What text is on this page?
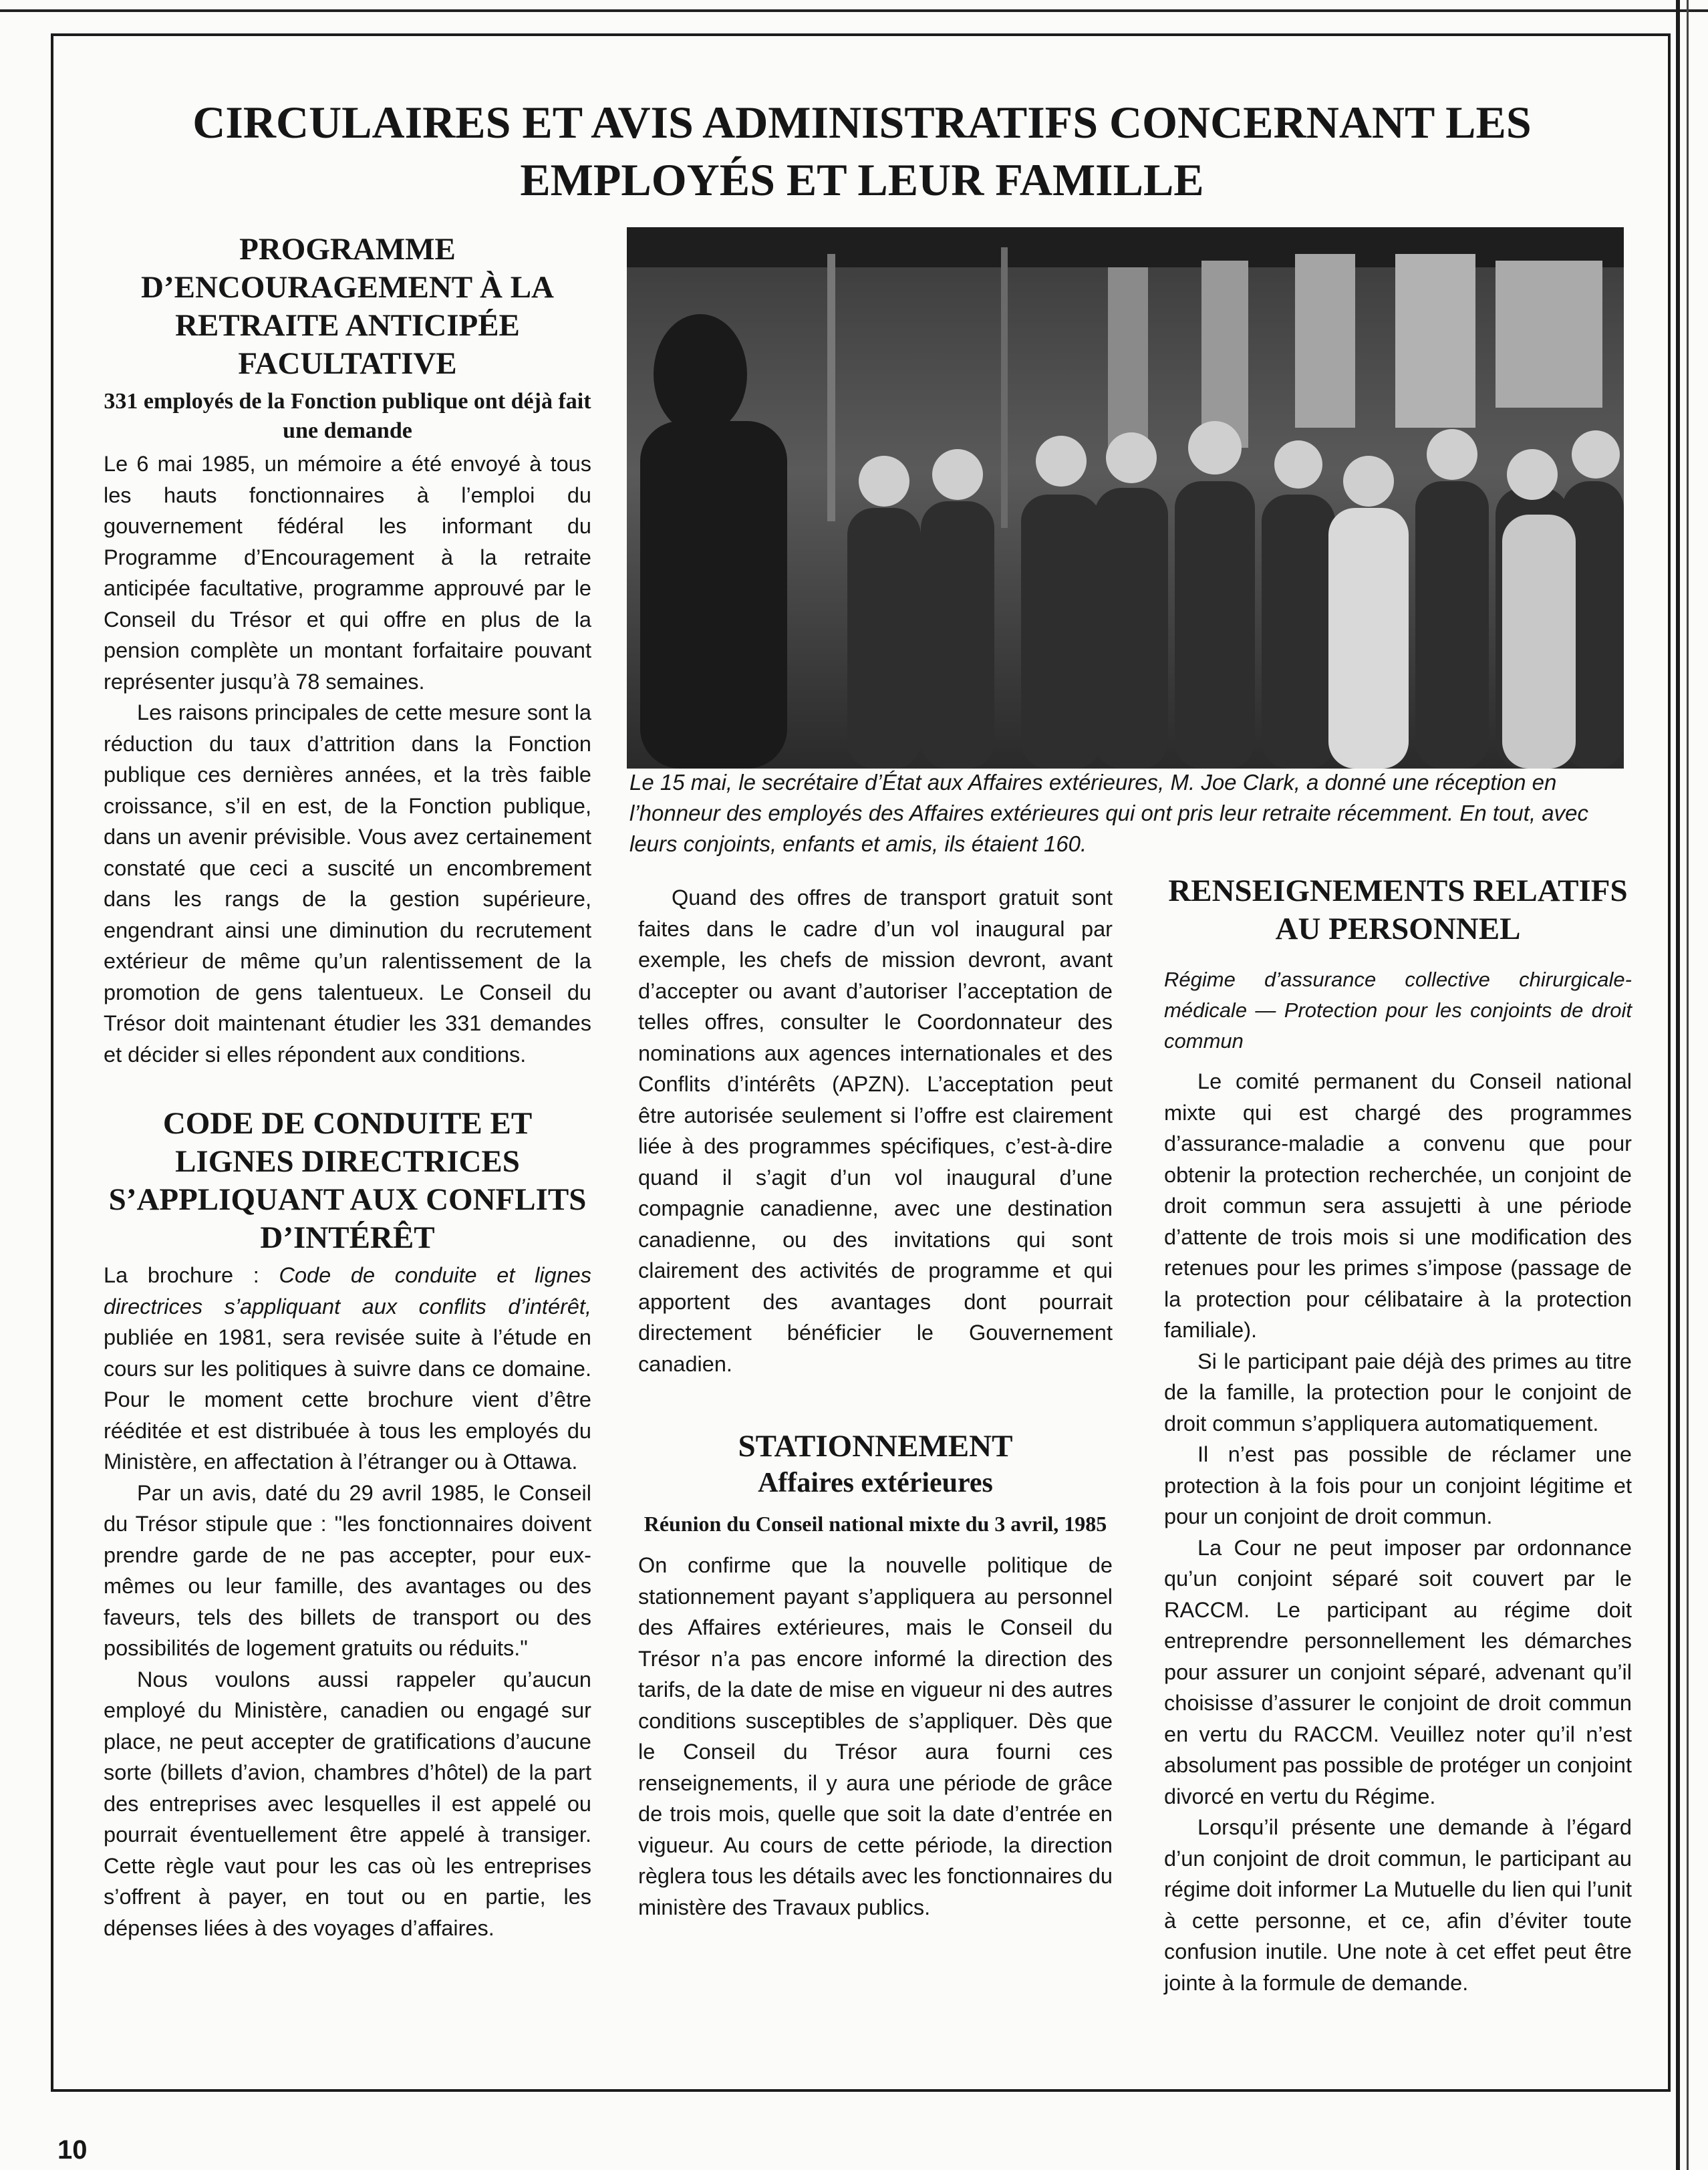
CIRCULAIRES ET AVIS ADMINISTRATIFS CONCERNANT LES EMPLOYÉS ET LEUR FAMILLE
PROGRAMME D’ENCOURAGEMENT À LA RETRAITE ANTICIPÉE FACULTATIVE
331 employés de la Fonction publique ont déjà fait une demande

Le 6 mai 1985, un mémoire a été envoyé à tous les hauts fonctionnaires à l’emploi du gouvernement fédéral les informant du Programme d’Encouragement à la retraite anticipée facultative, programme approuvé par le Conseil du Trésor et qui offre en plus de la pension complète un montant forfaitaire pouvant représenter jusqu’à 78 semaines.

Les raisons principales de cette mesure sont la réduction du taux d’attrition dans la Fonction publique ces dernières années, et la très faible croissance, s’il en est, de la Fonction publique, dans un avenir prévisible. Vous avez certainement constaté que ceci a suscité un encombrement dans les rangs de la gestion supérieure, engendrant ainsi une diminution du recrutement extérieur de même qu’un ralentissement de la promotion de gens talentueux. Le Conseil du Trésor doit maintenant étudier les 331 demandes et décider si elles répondent aux conditions.

CODE DE CONDUITE ET LIGNES DIRECTRICES S’APPLIQUANT AUX CONFLITS D’INTÉRÊT

La brochure : Code de conduite et lignes directrices s’appliquant aux conflits d’intérêt, publiée en 1981, sera revisée suite à l’étude en cours sur les politiques à suivre dans ce domaine. Pour le moment cette brochure vient d’être rééditée et est distribuée à tous les employés du Ministère, en affectation à l’étranger ou à Ottawa.

Par un avis, daté du 29 avril 1985, le Conseil du Trésor stipule que : "les fonctionnaires doivent prendre garde de ne pas accepter, pour eux-mêmes ou leur famille, des avantages ou des faveurs, tels des billets de transport ou des possibilités de logement gratuits ou réduits."

Nous voulons aussi rappeler qu’aucun employé du Ministère, canadien ou engagé sur place, ne peut accepter de gratifications d’aucune sorte (billets d’avion, chambres d’hôtel) de la part des entreprises avec lesquelles il est appelé ou pourrait éventuellement être appelé à transiger. Cette règle vaut pour les cas où les entreprises s’offrent à payer, en tout ou en partie, les dépenses liées à des voyages d’affaires.

Le 15 mai, le secrétaire d’État aux Affaires extérieures, M. Joe Clark, a donné une réception en l’honneur des employés des Affaires extérieures qui ont pris leur retraite récemment. En tout, avec leurs conjoints, enfants et amis, ils étaient 160.

Quand des offres de transport gratuit sont faites dans le cadre d’un vol inaugural par exemple, les chefs de mission devront, avant d’accepter ou avant d’autoriser l’acceptation de telles offres, consulter le Coordonnateur des nominations aux agences internationales et des Conflits d’intérêts (APZN). L’acceptation peut être autorisée seulement si l’offre est clairement liée à des programmes spécifiques, c’est-à-dire quand il s’agit d’un vol inaugural d’une compagnie canadienne, avec une destination canadienne, ou des invitations qui sont clairement des activités de programme et qui apportent des avantages dont pourrait directement bénéficier le Gouvernement canadien.

STATIONNEMENT
Affaires extérieures
Réunion du Conseil national mixte du 3 avril, 1985

On confirme que la nouvelle politique de stationnement payant s’appliquera au personnel des Affaires extérieures, mais le Conseil du Trésor n’a pas encore informé la direction des tarifs, de la date de mise en vigueur ni des autres conditions susceptibles de s’appliquer. Dès que le Conseil du Trésor aura fourni ces renseignements, il y aura une période de grâce de trois mois, quelle que soit la date d’entrée en vigueur. Au cours de cette période, la direction règlera tous les détails avec les fonctionnaires du ministère des Travaux publics.

RENSEIGNEMENTS RELATIFS AU PERSONNEL

Régime d’assurance collective chirurgicale-médicale — Protection pour les conjoints de droit commun

Le comité permanent du Conseil national mixte qui est chargé des programmes d’assurance-maladie a convenu que pour obtenir la protection recherchée, un conjoint de droit commun sera assujetti à une période d’attente de trois mois si une modification des retenues pour les primes s’impose (passage de la protection pour célibataire à la protection familiale).

Si le participant paie déjà des primes au titre de la famille, la protection pour le conjoint de droit commun s’appliquera automatiquement.

Il n’est pas possible de réclamer une protection à la fois pour un conjoint légitime et pour un conjoint de droit commun.

La Cour ne peut imposer par ordonnance qu’un conjoint séparé soit couvert par le RACCM. Le participant au régime doit entreprendre personnellement les démarches pour assurer un conjoint séparé, advenant qu’il choisisse d’assurer le conjoint de droit commun en vertu du RACCM. Veuillez noter qu’il n’est absolument pas possible de protéger un conjoint divorcé en vertu du Régime.

Lorsqu’il présente une demande à l’égard d’un conjoint de droit commun, le participant au régime doit informer La Mutuelle du lien qui l’unit à cette personne, et ce, afin d’éviter toute confusion inutile. Une note à cet effet peut être jointe à la formule de demande.

10
